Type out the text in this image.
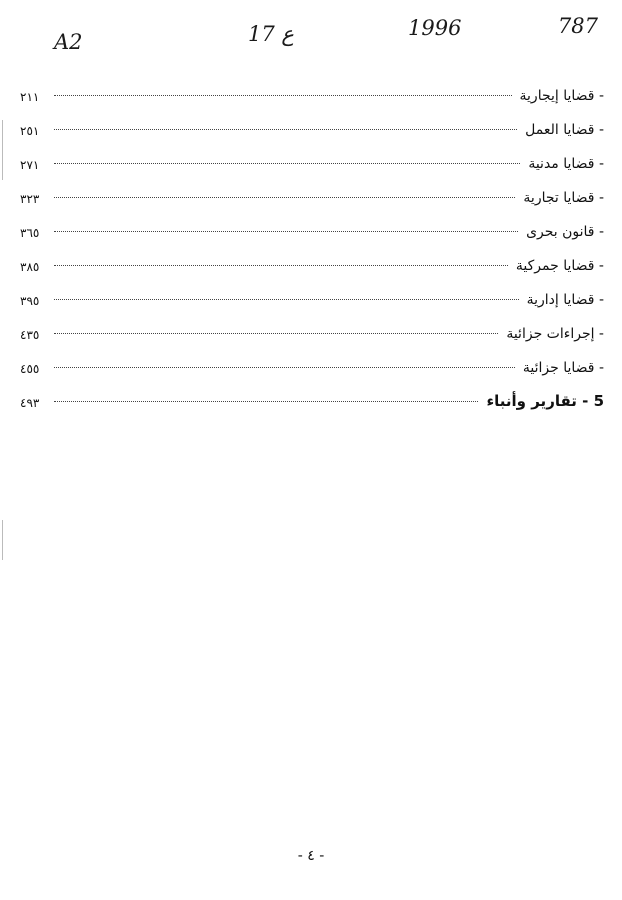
787
1996
17 ع
A2
- قضايا إيجارية
٢١١
- قضايا العمل
٢٥١
- قضايا مدنية
٢٧١
- قضايا تجارية
٣٢٣
- قانون بحرى
٣٦٥
- قضايا جمركية
٣٨٥
- قضايا إدارية
٣٩٥
- إجراءات جزائية
٤٣٥
- قضايا جزائية
٤٥٥
5 - تقارير وأنباء
٤٩٣
- ٤ -
